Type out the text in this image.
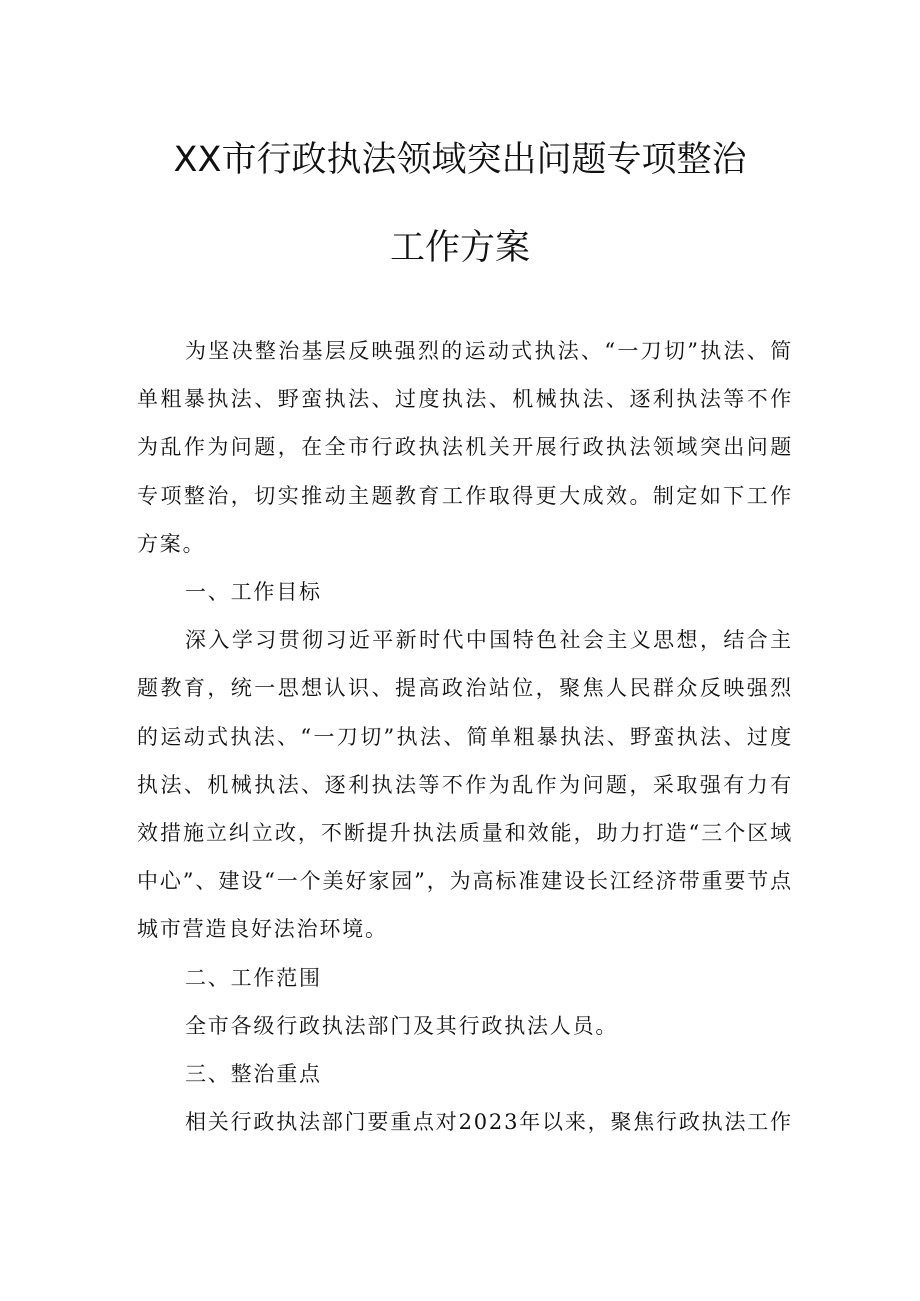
XX市行政执法领域突出问题专项整治
工作方案

为坚决整治基层反映强烈的运动式执法、“一刀切”执法、简单粗暴执法、野蛮执法、过度执法、机械执法、逐利执法等不作为乱作为问题，在全市行政执法机关开展行政执法领域突出问题专项整治，切实推动主题教育工作取得更大成效。制定如下工作方案。

一、工作目标

深入学习贯彻习近平新时代中国特色社会主义思想，结合主题教育，统一思想认识、提高政治站位，聚焦人民群众反映强烈的运动式执法、“一刀切”执法、简单粗暴执法、野蛮执法、过度执法、机械执法、逐利执法等不作为乱作为问题，采取强有力有效措施立纠立改，不断提升执法质量和效能，助力打造“三个区域中心”、建设“一个美好家园”，为高标准建设长江经济带重要节点城市营造良好法治环境。

二、工作范围

全市各级行政执法部门及其行政执法人员。

三、整治重点

相关行政执法部门要重点对2023年以来，聚焦行政执法工作
